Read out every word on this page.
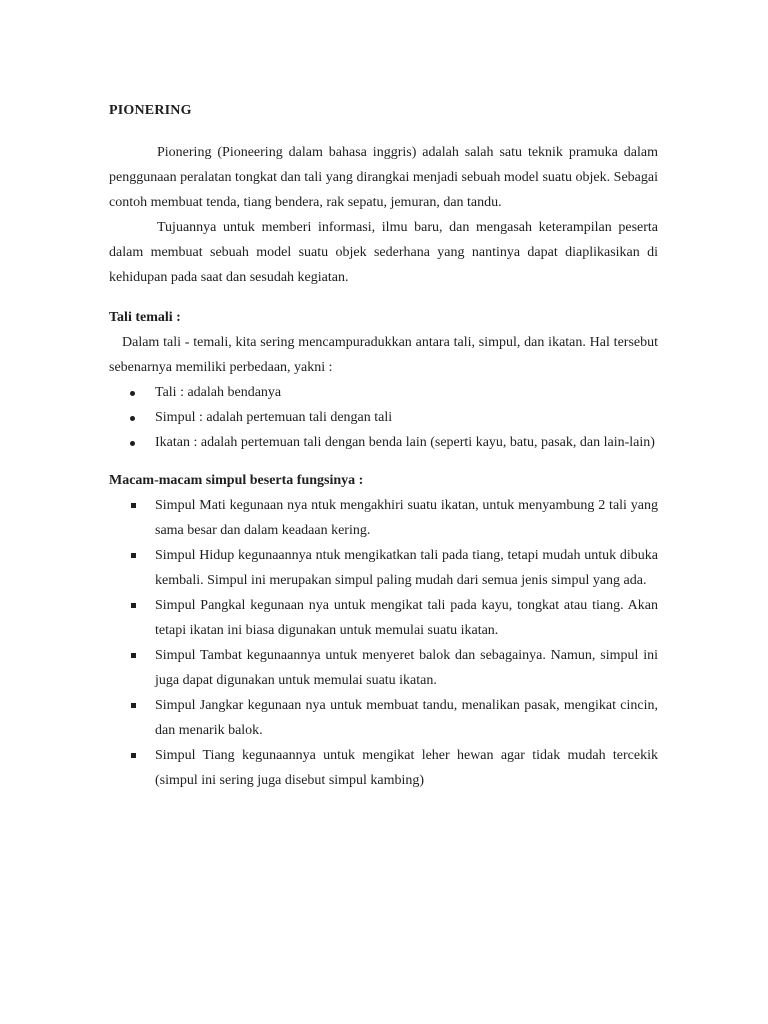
PIONERING

Pionering (Pioneering dalam bahasa inggris) adalah salah satu teknik pramuka dalam penggunaan peralatan tongkat dan tali yang dirangkai menjadi sebuah model suatu objek. Sebagai contoh membuat tenda, tiang bendera, rak sepatu, jemuran, dan tandu.

Tujuannya untuk memberi informasi, ilmu baru, dan mengasah keterampilan peserta dalam membuat sebuah model suatu objek sederhana yang nantinya dapat diaplikasikan di kehidupan pada saat dan sesudah kegiatan.

Tali temali :

Dalam tali - temali, kita sering mencampuradukkan antara tali, simpul, dan ikatan. Hal tersebut sebenarnya memiliki perbedaan, yakni :

Tali : adalah bendanya
Simpul : adalah pertemuan tali dengan tali
Ikatan : adalah pertemuan tali dengan benda lain (seperti kayu, batu, pasak, dan lain-lain)
Macam-macam simpul beserta fungsinya :
Simpul Mati kegunaan nya ntuk mengakhiri suatu ikatan, untuk menyambung 2 tali yang sama besar dan dalam keadaan kering.
Simpul Hidup kegunaannya ntuk mengikatkan tali pada tiang, tetapi mudah untuk dibuka kembali. Simpul ini merupakan simpul paling mudah dari semua jenis simpul yang ada.
Simpul Pangkal kegunaan nya untuk mengikat tali pada kayu, tongkat atau tiang. Akan tetapi ikatan ini biasa digunakan untuk memulai suatu ikatan.
Simpul Tambat kegunaannya untuk menyeret balok dan sebagainya. Namun, simpul ini juga dapat digunakan untuk memulai suatu ikatan.
Simpul Jangkar kegunaan nya untuk membuat tandu, menalikan pasak, mengikat cincin, dan menarik balok.
Simpul Tiang kegunaannya untuk mengikat leher hewan agar tidak mudah tercekik (simpul ini sering juga disebut simpul kambing)
